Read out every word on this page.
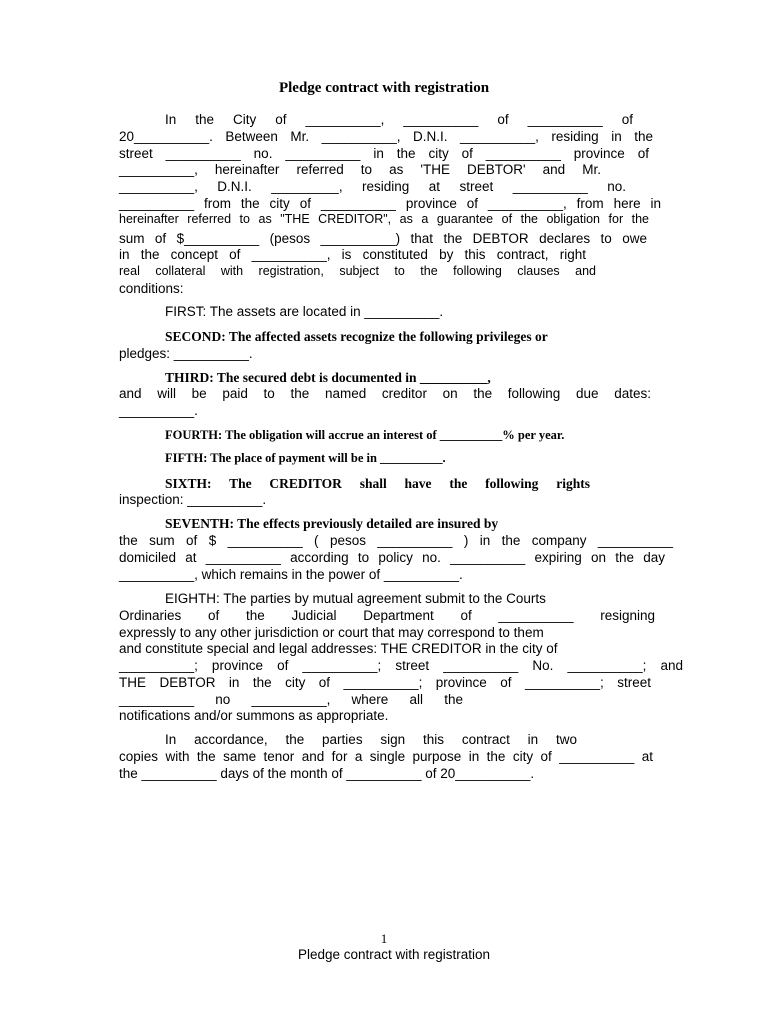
Pledge contract with registration
In the City of __________, __________ of __________ of
20__________. Between Mr. __________, D.N.I. __________, residing in the
street __________ no. __________ in the city of __________ province of
__________, hereinafter referred to as 'THE DEBTOR' and Mr.
__________, D.N.I. _________, residing at street __________ no.
__________ from the city of __________ province of __________, from here in
hereinafter referred to as "THE CREDITOR", as a guarantee of the obligation for the
sum of $__________ (pesos __________) that the DEBTOR declares to owe
in the concept of __________, is constituted by this contract, right
real collateral with registration, subject to the following clauses and
conditions:
FIRST: The assets are located in __________.
SECOND: The affected assets recognize the following privileges or
pledges: __________.
THIRD: The secured debt is documented in __________,
and will be paid to the named creditor on the following due dates:
__________.
FOURTH: The obligation will accrue an interest of __________% per year.
FIFTH: The place of payment will be in __________.
SIXTH: The CREDITOR shall have the following rights
inspection: __________.
SEVENTH: The effects previously detailed are insured by
the sum of $ __________ ( pesos __________ ) in the company __________
domiciled at __________ according to policy no. __________ expiring on the day
__________, which remains in the power of __________.
EIGHTH: The parties by mutual agreement submit to the Courts
Ordinaries of the Judicial Department of __________ resigning
expressly to any other jurisdiction or court that may correspond to them
and constitute special and legal addresses: THE CREDITOR in the city of
__________; province of __________; street __________ No. __________; and
THE DEBTOR in the city of __________; province of __________; street
__________ no __________, where all the
notifications and/or summons as appropriate.
In accordance, the parties sign this contract in two
copies with the same tenor and for a single purpose in the city of __________ at
the __________ days of the month of __________ of 20__________.
1
Pledge contract with registration
